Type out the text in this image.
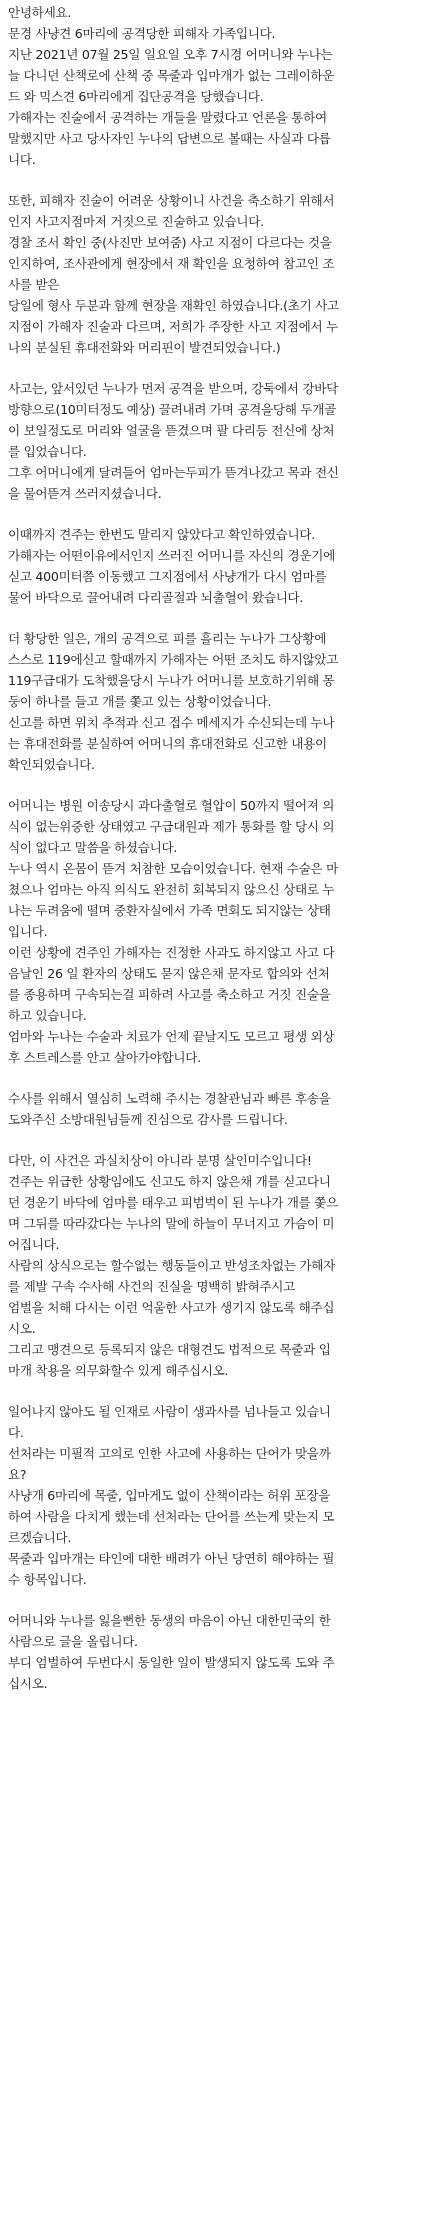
안녕하세요.
문경 사냥견 6마리에 공격당한 피해자 가족입니다.
지난 2021년 07월 25일 일요일 오후 7시경 어머니와 누나는
늘 다니던 산책로에 산책 중 목줄과 입마개가 없는 그레이하운
드 와 믹스견 6마리에게 집단공격을 당했습니다.
가해자는 진술에서 공격하는 개들을 말렸다고 언론을 통하여
말했지만 사고 당사자인 누나의 답변으로 볼때는 사실과 다릅
니다.
또한, 피해자 진술이 어려운 상황이니 사건을 축소하기 위해서
인지 사고지점마저 거짓으로 진술하고 있습니다.
경찰 조서 확인 중(사진만 보여줌) 사고 지점이 다르다는 것을
인지하여, 조사관에게 현장에서 재 확인을 요청하여 참고인 조
사를 받은
당일에 형사 두분과 함께 현장을 재확인 하였습니다.(초기 사고
지점이 가해자 진술과 다르며, 저희가 주장한 사고 지점에서 누
나의 분실된 휴대전화와 머리핀이 발견되었습니다.)
사고는, 앞서있던 누나가 먼저 공격을 받으며, 강둑에서 강바닥
방향으로(10미터정도 예상) 끌려내려 가며 공격을당해 두개골
이 보일정도로 머리와 얼굴을 뜯겼으며 팔 다리등 전신에 상처
를 입었습니다.
그후 어머니에게 달려들어 엄마는두피가 뜯겨나갔고 목과 전신
을 물어뜯겨 쓰러지셨습니다.
이때까지 견주는 한번도 말리지 않았다고 확인하였습니다.
가해자는 어떤이유에서인지 쓰러진 어머니를 자신의 경운기에
싣고 400미터쯤 이동했고 그지점에서 사냥개가 다시 엄마를
물어 바닥으로 끌어내려 다리골절과 뇌출혈이 왔습니다.
더 황당한 일은, 개의 공격으로 피를 흘리는 누나가 그상황에
스스로 119에신고 할때까지 가해자는 어떤 조치도 하지않았고
119구급대가 도착했을당시 누나가 어머니를 보호하기위해 몽
둥이 하나를 들고 개를 쫓고 있는 상황이었습니다.
신고를 하면 위치 추적과 신고 접수 메세지가 수신되는데 누나
는 휴대전화를 분실하여 어머니의 휴대전화로 신고한 내용이
확인되었습니다.
어머니는 병원 이송당시 과다출혈로 혈압이 50까지 떨어져 의
식이 없는위중한 상태였고 구급대원과 제가 통화를 할 당시 의
식이 없다고 말씀을 하셨습니다.
누나 역시 온몸이 뜯겨 처참한 모습이었습니다. 현재 수술은 마
쳤으나 엄마는 아직 의식도 완전히 회복되지 않으신 상태로 누
나는 두려움에 떨며 중환자실에서 가족 면회도 되지않는 상태
입니다.
이런 상황에 견주인 가해자는 진정한 사과도 하지않고 사고 다
음날인 26 일 환자의 상태도 묻지 않은채 문자로 합의와 선처
를 종용하며 구속되는걸 피하려 사고를 축소하고 거짓 진술을
하고 있습니다.
엄마와 누나는 수술과 치료가 언제 끝날지도 모르고 평생 외상
후 스트레스를 안고 살아가야합니다.
수사를 위해서 열심히 노력해 주시는 경찰관님과 빠른 후송을
도와주신 소방대원님들께 진심으로 감사를 드립니다.
다만, 이 사건은 과실치상이 아니라 분명 살인미수입니다!
견주는 위급한 상황임에도 신고도 하지 않은채 개를 싣고다니
던 경운기 바닥에 엄마를 태우고 피범벅이 된 누나가 개를 쫓으
며 그뒤를 따라갔다는 누나의 말에 하늘이 무너지고 가슴이 미
어집니다.
사람의 상식으로는 할수없는 행동들이고 반성조차없는 가해자
를 제발 구속 수사해 사건의 진실을 명백히 밝혀주시고
엄벌을 처해 다시는 이런 억울한 사고가 생기지 않도록 해주십
시오.
그리고 맹견으로 등록되지 않은 대형견도 법적으로 목줄과 입
마개 착용을 의무화할수 있게 해주십시오.
일어나지 않아도 될 인재로 사람이 생과사를 넘나들고 있습니
다.
선처라는 미필적 고의로 인한 사고에 사용하는 단어가 맞을까
요?
사냥개 6마리에 목줄, 입마게도 없이 산책이라는 허위 포장을
하여 사람을 다치게 했는데 선처라는 단어를 쓰는게 맞는지 모
르겠습니다.
목줄과 입마개는 타인에 대한 배려가 아닌 당연히 해야하는 필
수 항목입니다.
어머니와 누나를 잃을뻔한 동생의 마음이 아닌 대한민국의 한
사람으로 글을 올립니다.
부디 엄벌하여 두번다시 동일한 일이 발생되지 않도록 도와 주
십시오.
